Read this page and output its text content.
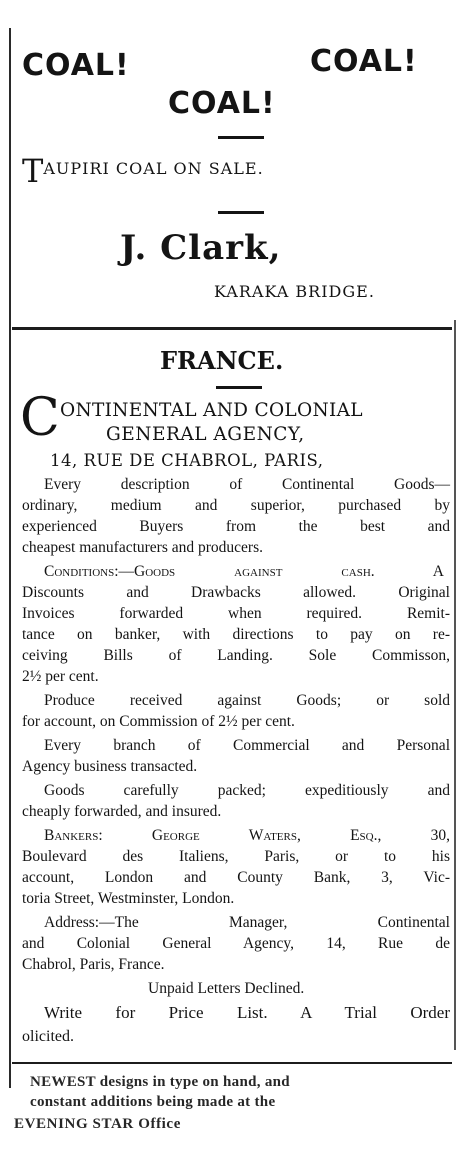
COAL!	COAL!
COAL!
TAUPIRI COAL ON SALE.
J. Clark,
KARAKA BRIDGE.
FRANCE.
C ONTINENTAL AND COLONIAL
GENERAL AGENCY,
14, RUE DE CHABROL, PARIS,
Every description of Continental Goods—
ordinary, medium and superior, purchased by
experienced Buyers from the best and
cheapest manufacturers and producers.
Conditions:—Goods against cash. A
Discounts and Drawbacks allowed. Original
Invoices forwarded when required. Remit-
tance on banker, with directions to pay on re-
ceiving Bills of Landing. Sole Commisson,
2½ per cent.
Produce received against Goods; or sold
for account, on Commission of 2½ per cent.
Every branch of Commercial and Personal
Agency business transacted.
Goods carefully packed; expeditiously and
cheaply forwarded, and insured.
Bankers: George Waters, Esq., 30,
Boulevard des Italiens, Paris, or to his
account, London and County Bank, 3, Vic-
toria Street, Westminster, London.
Address:—The Manager, Continental
and Colonial General Agency, 14, Rue de
Chabrol, Paris, France.
Unpaid Letters Declined.
Write for Price List. A Trial Order
olicited.
NEWEST designs in type on hand, and
constant additions being made at the
EVENING STAR Office
